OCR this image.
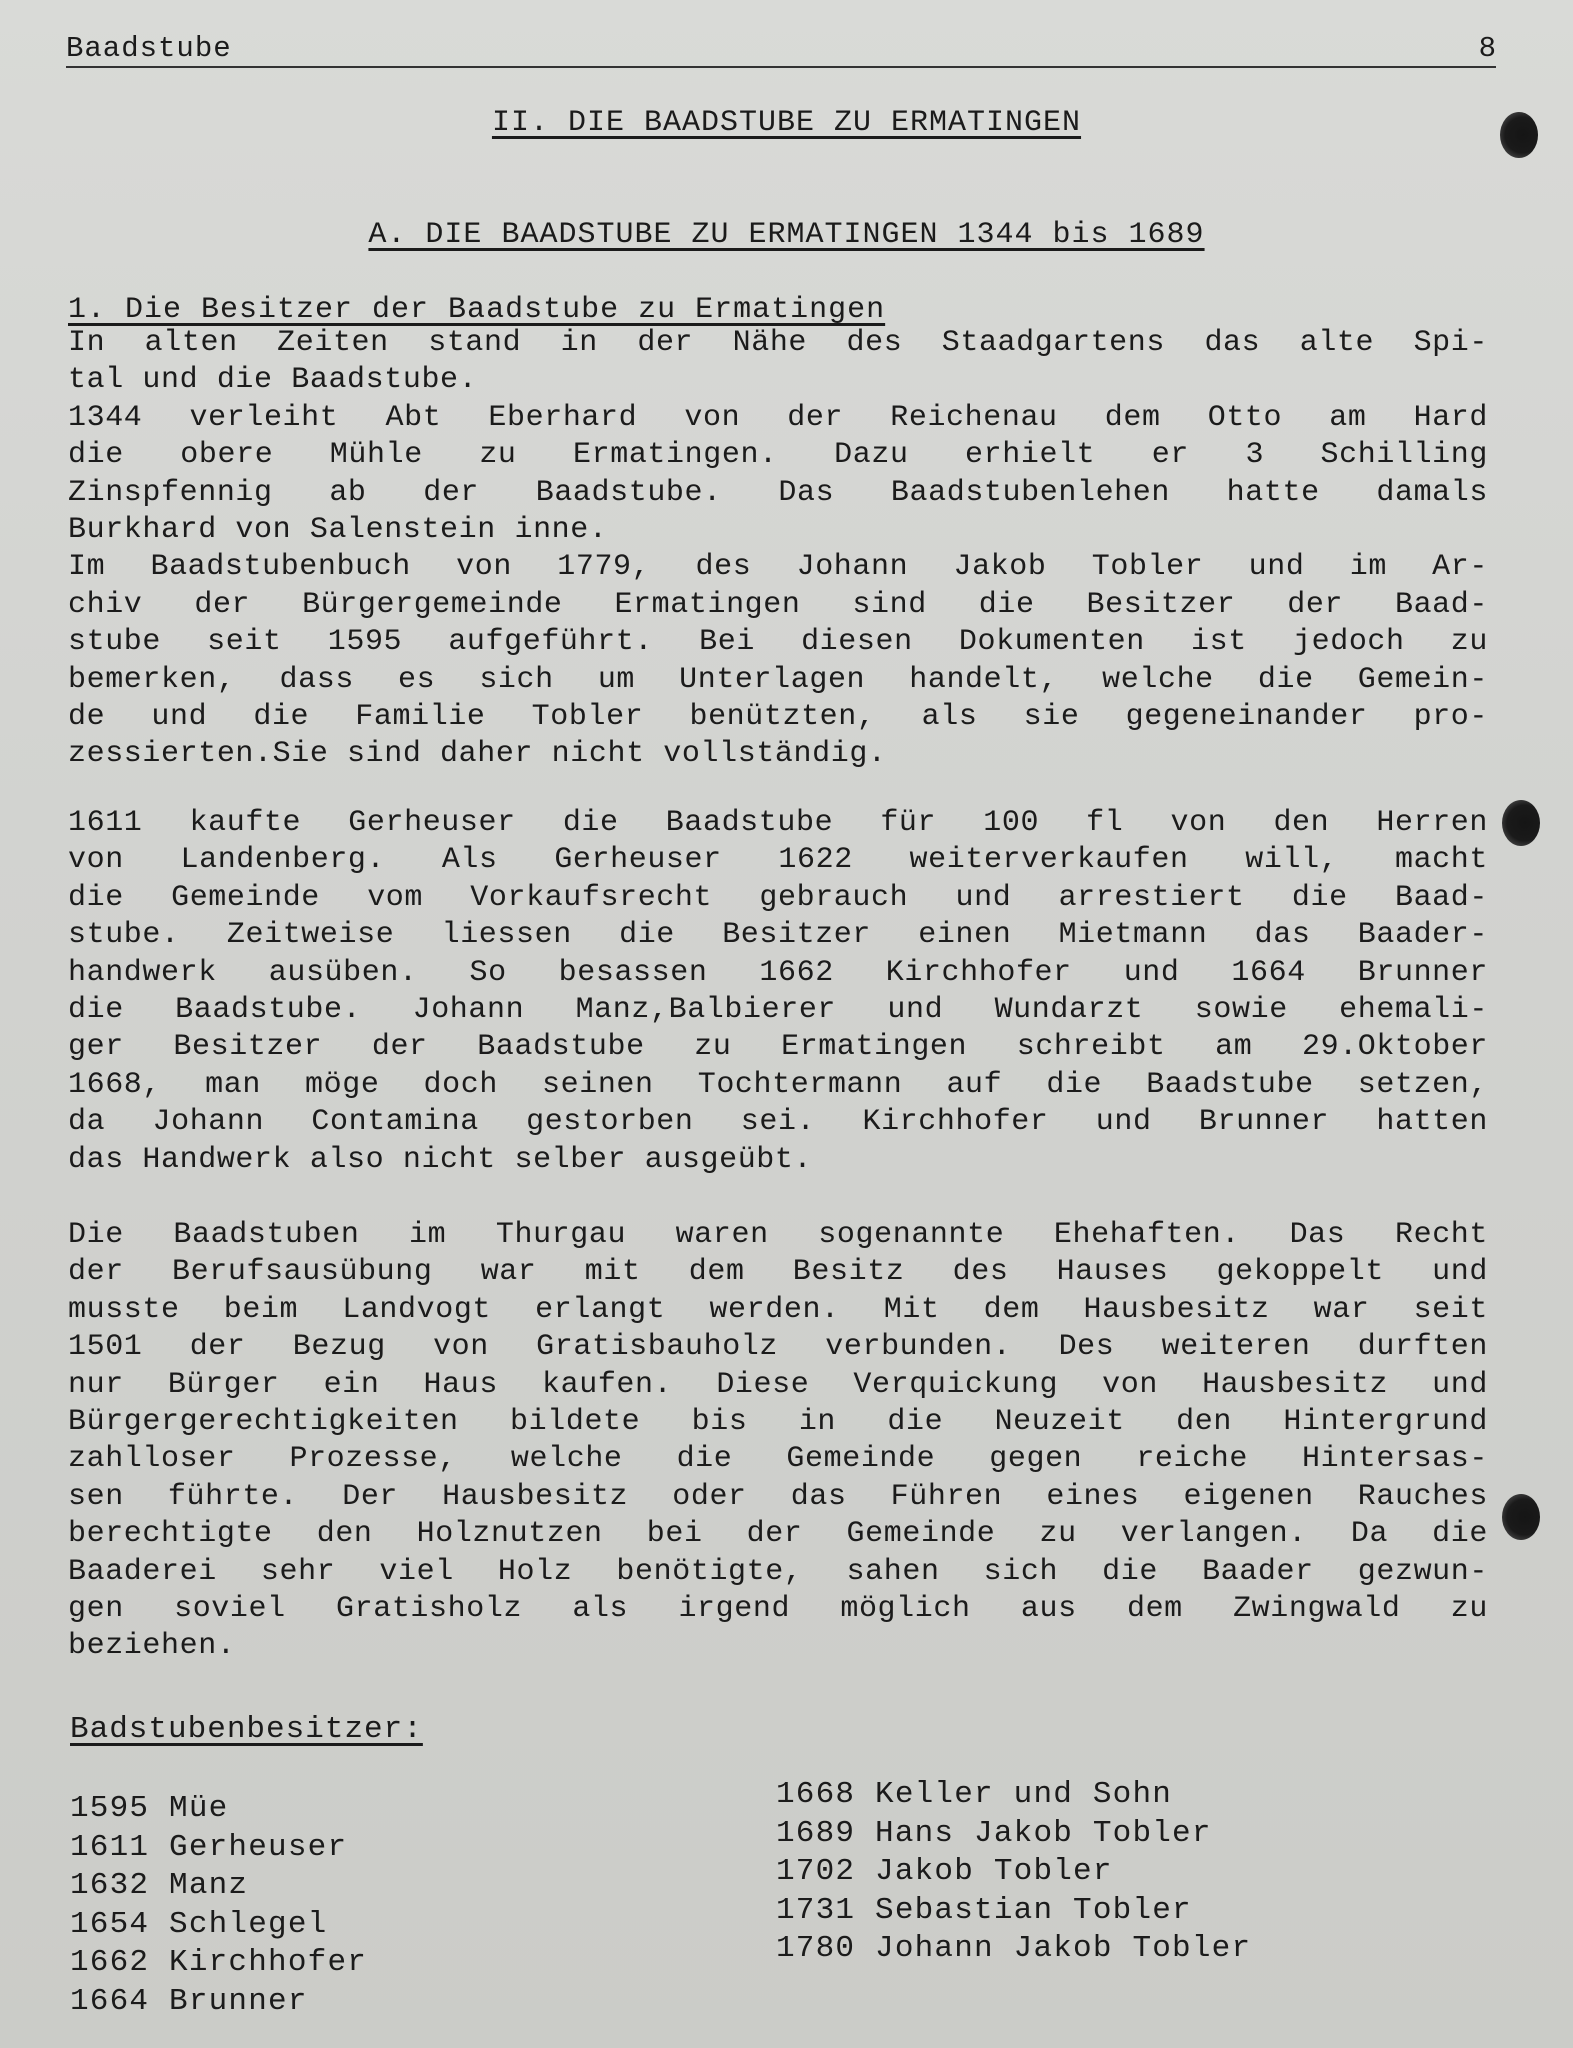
Baadstube	8
II. DIE BAADSTUBE ZU ERMATINGEN
A. DIE BAADSTUBE ZU ERMATINGEN 1344 bis 1689
1. Die Besitzer der Baadstube zu Ermatingen
In alten Zeiten stand in der Nähe des Staadgartens das alte Spi-
tal und die Baadstube.
1344 verleiht Abt Eberhard von der Reichenau dem Otto am Hard
die obere Mühle zu Ermatingen. Dazu erhielt er 3 Schilling
Zinspfennig ab der Baadstube. Das Baadstubenlehen hatte damals
Burkhard von Salenstein inne.
Im Baadstubenbuch von 1779, des Johann Jakob Tobler und im Ar-
chiv der Bürgergemeinde Ermatingen sind die Besitzer der Baad-
stube seit 1595 aufgeführt. Bei diesen Dokumenten ist jedoch zu
bemerken, dass es sich um Unterlagen handelt, welche die Gemein-
de und die Familie Tobler benützten, als sie gegeneinander pro-
zessierten.Sie sind daher nicht vollständig.
1611 kaufte Gerheuser die Baadstube für 100 fl von den Herren
von Landenberg. Als Gerheuser 1622 weiterverkaufen will, macht
die Gemeinde vom Vorkaufsrecht gebrauch und arrestiert die Baad-
stube. Zeitweise liessen die Besitzer einen Mietmann das Baader-
handwerk ausüben. So besassen 1662 Kirchhofer und 1664 Brunner
die Baadstube. Johann Manz,Balbierer und Wundarzt sowie ehemali-
ger Besitzer der Baadstube zu Ermatingen schreibt am 29.Oktober
1668, man möge doch seinen Tochtermann auf die Baadstube setzen,
da Johann Contamina gestorben sei. Kirchhofer und Brunner hatten
das Handwerk also nicht selber ausgeübt.
Die Baadstuben im Thurgau waren sogenannte Ehehaften. Das Recht
der Berufsausübung war mit dem Besitz des Hauses gekoppelt und
musste beim Landvogt erlangt werden. Mit dem Hausbesitz war seit
1501 der Bezug von Gratisbauholz verbunden. Des weiteren durften
nur Bürger ein Haus kaufen. Diese Verquickung von Hausbesitz und
Bürgergerechtigkeiten bildete bis in die Neuzeit den Hintergrund
zahlloser Prozesse, welche die Gemeinde gegen reiche Hintersas-
sen führte. Der Hausbesitz oder das Führen eines eigenen Rauches
berechtigte den Holznutzen bei der Gemeinde zu verlangen. Da die
Baaderei sehr viel Holz benötigte, sahen sich die Baader gezwun-
gen soviel Gratisholz als irgend möglich aus dem Zwingwald zu
beziehen.
Badstubenbesitzer:
1595 Müe
1611 Gerheuser
1632 Manz
1654 Schlegel
1662 Kirchhofer
1664 Brunner
1668 Keller und Sohn
1689 Hans Jakob Tobler
1702 Jakob Tobler
1731 Sebastian Tobler
1780 Johann Jakob Tobler
